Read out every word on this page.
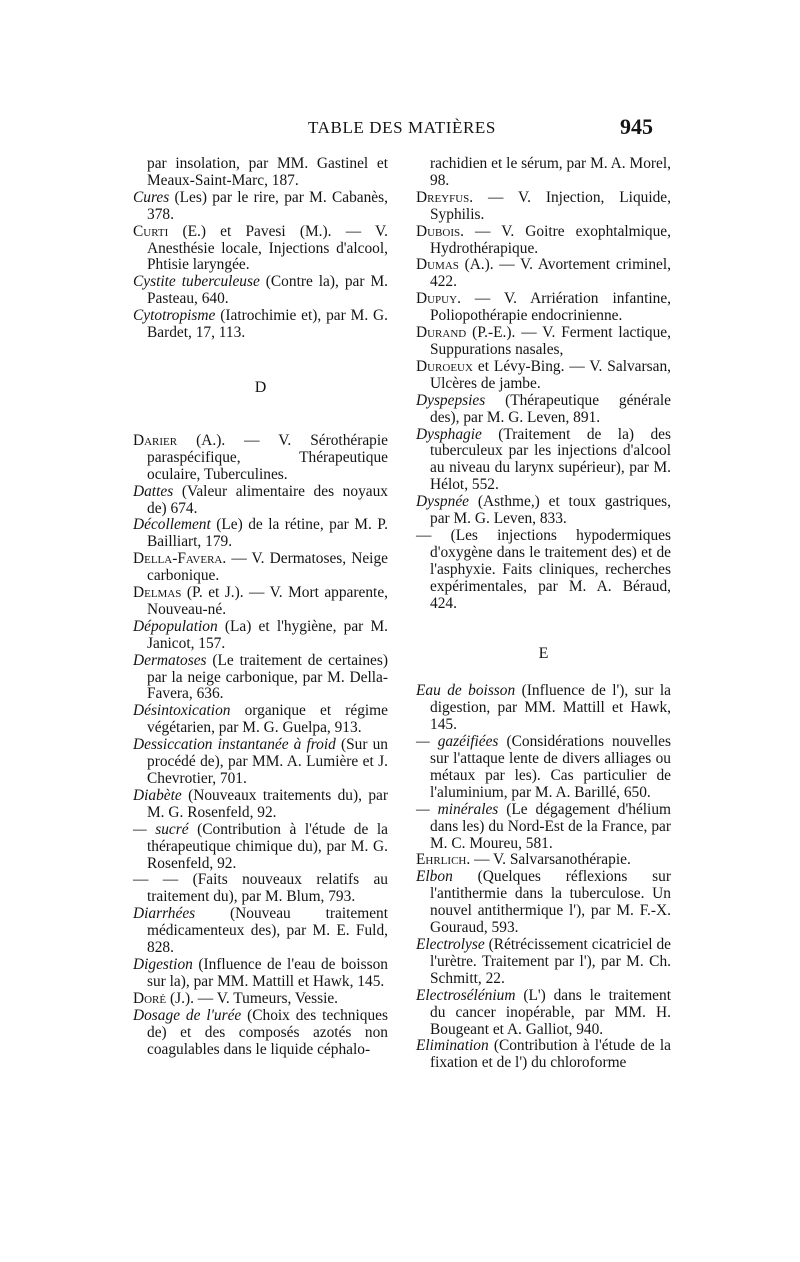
TABLE DES MATIÈRES	945
par insolation, par MM. Gastinel et Meaux-Saint-Marc, 187.
Cures (Les) par le rire, par M. Cabanès, 378.
Curti (E.) et Pavesi (M.). — V. Anesthésie locale, Injections d'alcool, Phtisie laryngée.
Cystite tuberculeuse (Contre la), par M. Pasteau, 640.
Cytotropisme (Iatrochimie et), par M. G. Bardet, 17, 113.
D
Darier (A.). — V. Sérothérapie paraspécifique, Thérapeutique oculaire, Tuberculines.
Dattes (Valeur alimentaire des noyaux de) 674.
Décollement (Le) de la rétine, par M. P. Bailliart, 179.
Della-Favera. — V. Dermatoses, Neige carbonique.
Delmas (P. et J.). — V. Mort apparente, Nouveau-né.
Dépopulation (La) et l'hygiène, par M. Janicot, 157.
Dermatoses (Le traitement de certaines) par la neige carbonique, par M. Della-Favera, 636.
Désintoxication organique et régime végétarien, par M. G. Guelpa, 913.
Dessiccation instantanée à froid (Sur un procédé de), par MM. A. Lumière et J. Chevrotier, 701.
Diabète (Nouveaux traitements du), par M. G. Rosenfeld, 92.
— sucré (Contribution à l'étude de la thérapeutique chimique du), par M. G. Rosenfeld, 92.
— — (Faits nouveaux relatifs au traitement du), par M. Blum, 793.
Diarrhées (Nouveau traitement médicamenteux des), par M. E. Fuld, 828.
Digestion (Influence de l'eau de boisson sur la), par MM. Mattill et Hawk, 145.
Doré (J.). — V. Tumeurs, Vessie.
Dosage de l'urée (Choix des techniques de) et des composés azotés non coagulables dans le liquide céphalo-
rachidien et le sérum, par M. A. Morel, 98.
Dreyfus. — V. Injection, Liquide, Syphilis.
Dubois. — V. Goitre exophtalmique, Hydrothérapique.
Dumas (A.). — V. Avortement criminel, 422.
Dupuy. — V. Arriération infantine, Poliopothérapie endocrinienne.
Durand (P.-E.). — V. Ferment lactique, Suppurations nasales,
Duroeux et Lévy-Bing. — V. Salvarsan, Ulcères de jambe.
Dyspepsies (Thérapeutique générale des), par M. G. Leven, 891.
Dysphagie (Traitement de la) des tuberculeux par les injections d'alcool au niveau du larynx supérieur), par M. Hélot, 552.
Dyspnée (Asthme,) et toux gastriques, par M. G. Leven, 833.
— (Les injections hypodermiques d'oxygène dans le traitement des) et de l'asphyxie. Faits cliniques, recherches expérimentales, par M. A. Béraud, 424.
E
Eau de boisson (Influence de l'), sur la digestion, par MM. Mattill et Hawk, 145.
— gazéifiées (Considérations nouvelles sur l'attaque lente de divers alliages ou métaux par les). Cas particulier de l'aluminium, par M. A. Barillé, 650.
— minérales (Le dégagement d'hélium dans les) du Nord-Est de la France, par M. C. Moureu, 581.
Ehrlich. — V. Salvarsanothérapie.
Elbon (Quelques réflexions sur l'antithermie dans la tuberculose. Un nouvel antithermique l'), par M. F.-X. Gouraud, 593.
Electrolyse (Rétrécissement cicatriciel de l'urètre. Traitement par l'), par M. Ch. Schmitt, 22.
Electrosélénium (L') dans le traitement du cancer inopérable, par MM. H. Bougeant et A. Galliot, 940.
Elimination (Contribution à l'étude de la fixation et de l') du chloroforme
